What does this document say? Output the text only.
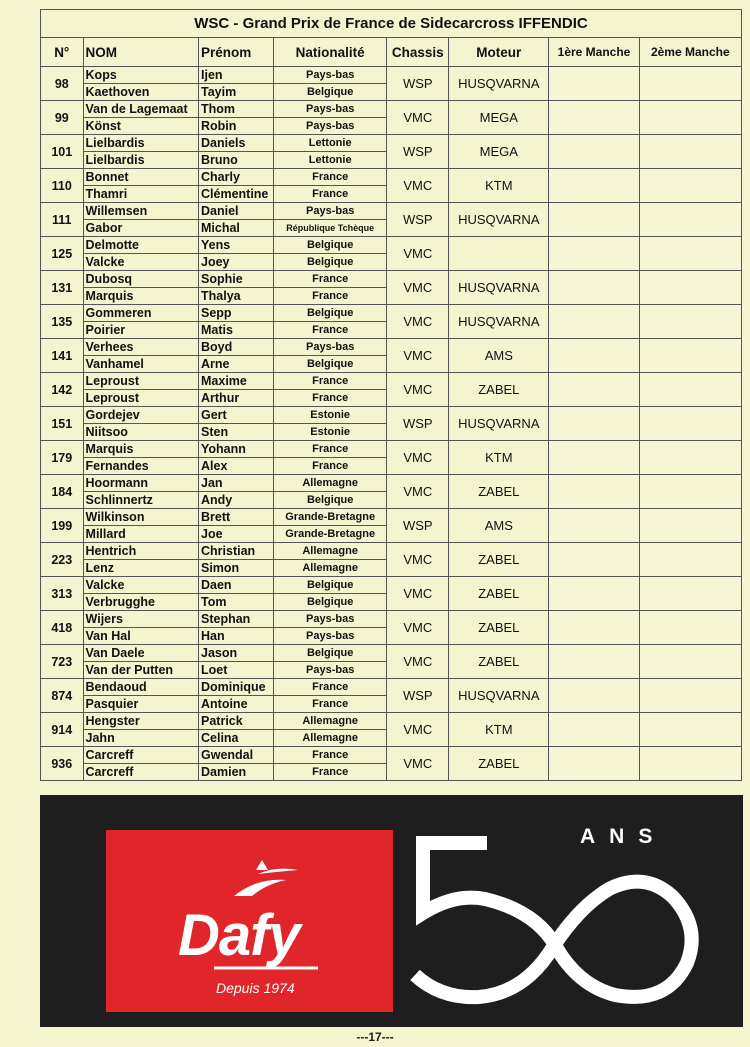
WSC - Grand Prix de France de Sidecarcross IFFENDIC							
N°	NOM	Prénom	Nationalité	Chassis	Moteur	1ère Manche	2ème Manche
98	Kops	Ijen	Pays-bas	WSP	HUSQVARNA		
	Kaethoven	Tayim	Belgique				
99	Van de Lagemaat	Thom	Pays-bas	VMC	MEGA		
	Könst	Robin	Pays-bas				
101	Lielbardis	Daniels	Lettonie	WSP	MEGA		
	Lielbardis	Bruno	Lettonie				
110	Bonnet	Charly	France	VMC	KTM		
	Thamri	Clémentine	France				
111	Willemsen	Daniel	Pays-bas	WSP	HUSQVARNA		
	Gabor	Michal	République Tchèque				
125	Delmotte	Yens	Belgique	VMC			
	Valcke	Joey	Belgique				
131	Dubosq	Sophie	France	VMC	HUSQVARNA		
	Marquis	Thalya	France				
135	Gommeren	Sepp	Belgique	VMC	HUSQVARNA		
	Poirier	Matis	France				
141	Verhees	Boyd	Pays-bas	VMC	AMS		
	Vanhamel	Arne	Belgique				
142	Leproust	Maxime	France	VMC	ZABEL		
	Leproust	Arthur	France				
151	Gordejev	Gert	Estonie	WSP	HUSQVARNA		
	Niitsoo	Sten	Estonie				
179	Marquis	Yohann	France	VMC	KTM		
	Fernandes	Alex	France				
184	Hoormann	Jan	Allemagne	VMC	ZABEL		
	Schlinnertz	Andy	Belgique				
199	Wilkinson	Brett	Grande-Bretagne	WSP	AMS		
	Millard	Joe	Grande-Bretagne				
223	Hentrich	Christian	Allemagne	VMC	ZABEL		
	Lenz	Simon	Allemagne				
313	Valcke	Daen	Belgique	VMC	ZABEL		
	Verbrugghe	Tom	Belgique				
418	Wijers	Stephan	Pays-bas	VMC	ZABEL		
	Van Hal	Han	Pays-bas				
723	Van Daele	Jason	Belgique	VMC	ZABEL		
	Van der Putten	Loet	Pays-bas				
874	Bendaoud	Dominique	France	WSP	HUSQVARNA		
	Pasquier	Antoine	France				
914	Hengster	Patrick	Allemagne	VMC	KTM		
	Jahn	Celina	Allemagne				
936	Carcreff	Gwendal	France	VMC	ZABEL		
	Carcreff	Damien	France				
Dafy
Depuis 1974
ANS
---17---
